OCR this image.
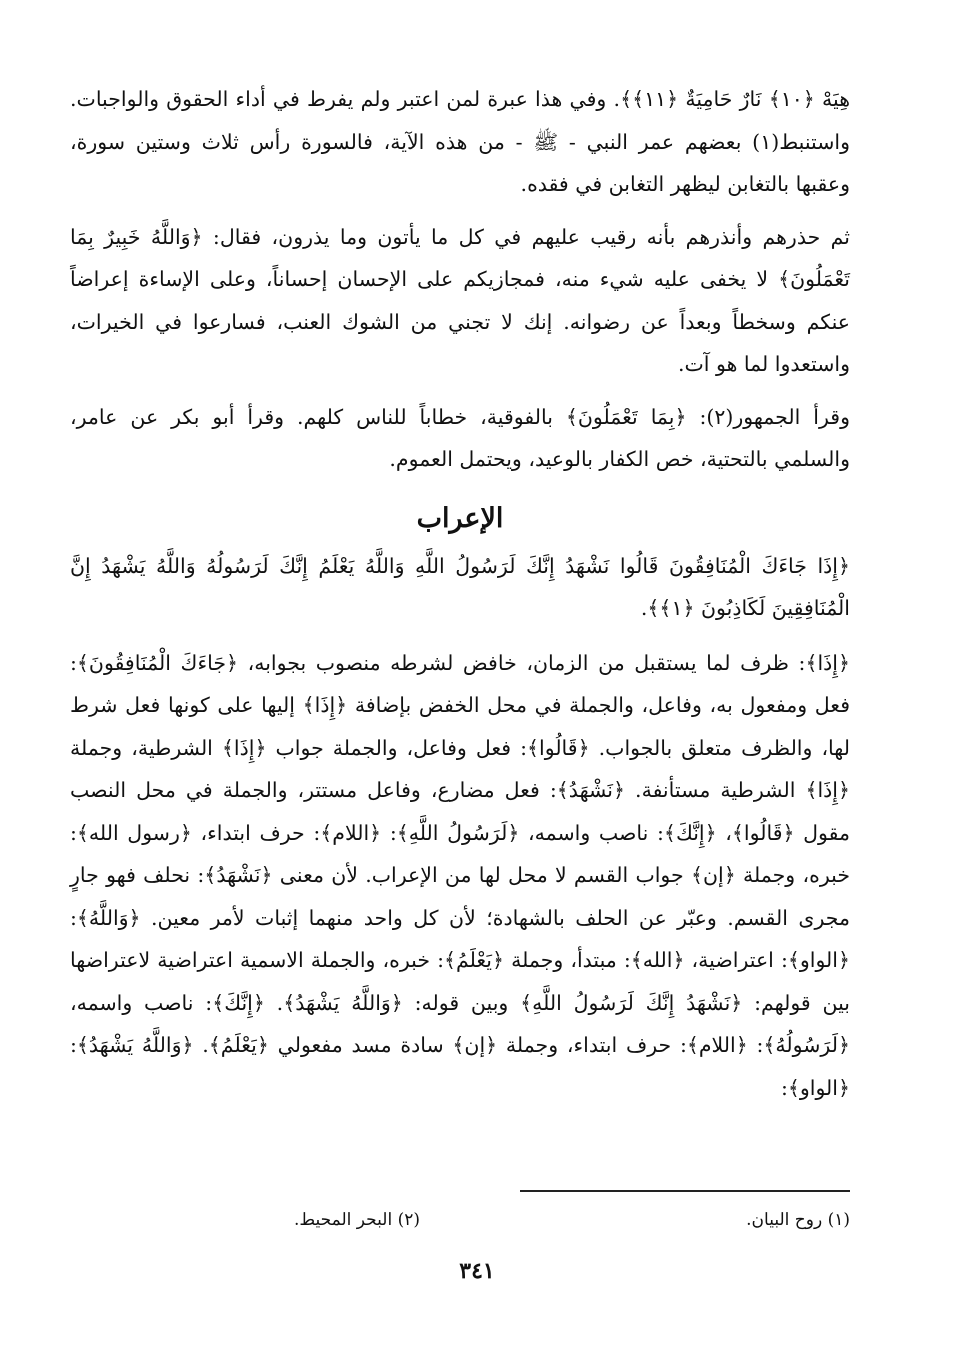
هِيَهْ ﴿١٠﴾ نَارٌ حَامِيَةٌ ﴿١١﴾﴾. وفي هذا عبرة لمن اعتبر ولم يفرط في أداء الحقوق والواجبات. واستنبط(١) بعضهم عمر النبي - ﷺ - من هذه الآية، فالسورة رأس ثلاث وستين سورة، وعقبها بالتغابن ليظهر التغابن في فقده.

ثم حذرهم وأنذرهم بأنه رقيب عليهم في كل ما يأتون وما يذرون، فقال: ﴿وَاللَّهُ خَبِيرٌ بِمَا تَعْمَلُونَ﴾ لا يخفى عليه شيء منه، فمجازيكم على الإحسان إحساناً، وعلى الإساءة إعراضاً عنكم وسخطاً وبعداً عن رضوانه. إنك لا تجني من الشوك العنب، فسارعوا في الخيرات، واستعدوا لما هو آت.

وقرأ الجمهور(٢): ﴿بِمَا تَعْمَلُونَ﴾ بالفوقية، خطاباً للناس كلهم. وقرأ أبو بكر عن عامر، والسلمي بالتحتية، خص الكفار بالوعيد، ويحتمل العموم.

الإعراب

﴿إِذَا جَاءَكَ الْمُنَافِقُونَ قَالُوا نَشْهَدُ إِنَّكَ لَرَسُولُ اللَّهِ وَاللَّهُ يَعْلَمُ إِنَّكَ لَرَسُولُهُ وَاللَّهُ يَشْهَدُ إِنَّ الْمُنَافِقِينَ لَكَاذِبُونَ ﴿١﴾﴾.

﴿إِذَا﴾: ظرف لما يستقبل من الزمان، خافض لشرطه منصوب بجوابه، ﴿جَاءَكَ الْمُنَافِقُونَ﴾: فعل ومفعول به، وفاعل، والجملة في محل الخفض بإضافة ﴿إِذَا﴾ إليها على كونها فعل شرط لها، والظرف متعلق بالجواب. ﴿قَالُوا﴾: فعل وفاعل، والجملة جواب ﴿إِذَا﴾ الشرطية، وجملة ﴿إِذَا﴾ الشرطية مستأنفة. ﴿نَشْهَدُ﴾: فعل مضارع، وفاعل مستتر، والجملة في محل النصب مقول ﴿قَالُوا﴾، ﴿إِنَّكَ﴾: ناصب واسمه، ﴿لَرَسُولُ اللَّهِ﴾: ﴿اللام﴾: حرف ابتداء، ﴿رسول الله﴾: خبره، وجملة ﴿إن﴾ جواب القسم لا محل لها من الإعراب. لأن معنى ﴿نَشْهَدُ﴾: نحلف فهو جارٍ مجرى القسم. وعبّر عن الحلف بالشهادة؛ لأن كل واحد منهما إثبات لأمر معين. ﴿وَاللَّهُ﴾: ﴿الواو﴾: اعتراضية، ﴿الله﴾: مبتدأ، وجملة ﴿يَعْلَمُ﴾: خبره، والجملة الاسمية اعتراضية لاعتراضها بين قولهم: ﴿نَشْهَدُ إِنَّكَ لَرَسُولُ اللَّهِ﴾ وبين قوله: ﴿وَاللَّهُ يَشْهَدُ﴾. ﴿إِنَّكَ﴾: ناصب واسمه، ﴿لَرَسُولُهُ﴾: ﴿اللام﴾: حرف ابتداء، وجملة ﴿إن﴾ سادة مسد مفعولي ﴿يَعْلَمُ﴾. ﴿وَاللَّهُ يَشْهَدُ﴾: ﴿الواو﴾:

(١) روح البيان.
(٢) البحر المحيط.
٣٤١
